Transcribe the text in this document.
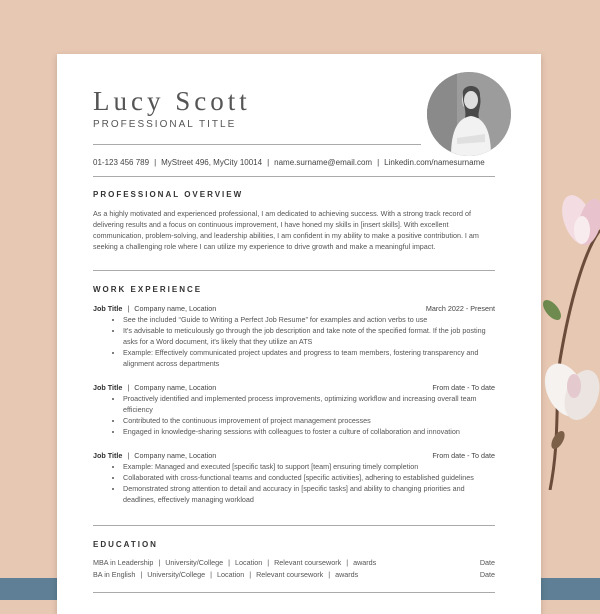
Lucy Scott
PROFESSIONAL TITLE
01-123 456 789 | MyStreet 496, MyCity 10014 | name.surname@email.com | Linkedin.com/namesurname
PROFESSIONAL OVERVIEW

As a highly motivated and experienced professional, I am dedicated to achieving success. With a strong track record of delivering results and a focus on continuous improvement, I have honed my skills in [insert skills]. With excellent communication, problem-solving, and leadership abilities, I am confident in my ability to make a positive contribution. I am seeking a challenging role where I can utilize my experience to drive growth and make a meaningful impact.

WORK EXPERIENCE
Job Title | Company name, Location	March 2022 - Present
• See the included “Guide to Writing a Perfect Job Resume” for examples and action verbs to use
• It's advisable to meticulously go through the job description and take note of the specified format. If the job posting asks for a Word document, it's likely that they utilize an ATS
• Example: Effectively communicated project updates and progress to team members, fostering transparency and alignment across departments
Job Title | Company name, Location	From date - To date
• Proactively identified and implemented process improvements, optimizing workflow and increasing overall team efficiency
• Contributed to the continuous improvement of project management processes
• Engaged in knowledge-sharing sessions with colleagues to foster a culture of collaboration and innovation
Job Title | Company name, Location	From date - To date
• Example: Managed and executed [specific task] to support [team] ensuring timely completion
• Collaborated with cross-functional teams and conducted [specific activities], adhering to established guidelines
• Demonstrated strong attention to detail and accuracy in [specific tasks] and ability to changing priorities and deadlines, effectively managing workload
EDUCATION
MBA in Leadership | University/College | Location | Relevant coursework | awards	Date
BA in English | University/College | Location | Relevant coursework | awards	Date
